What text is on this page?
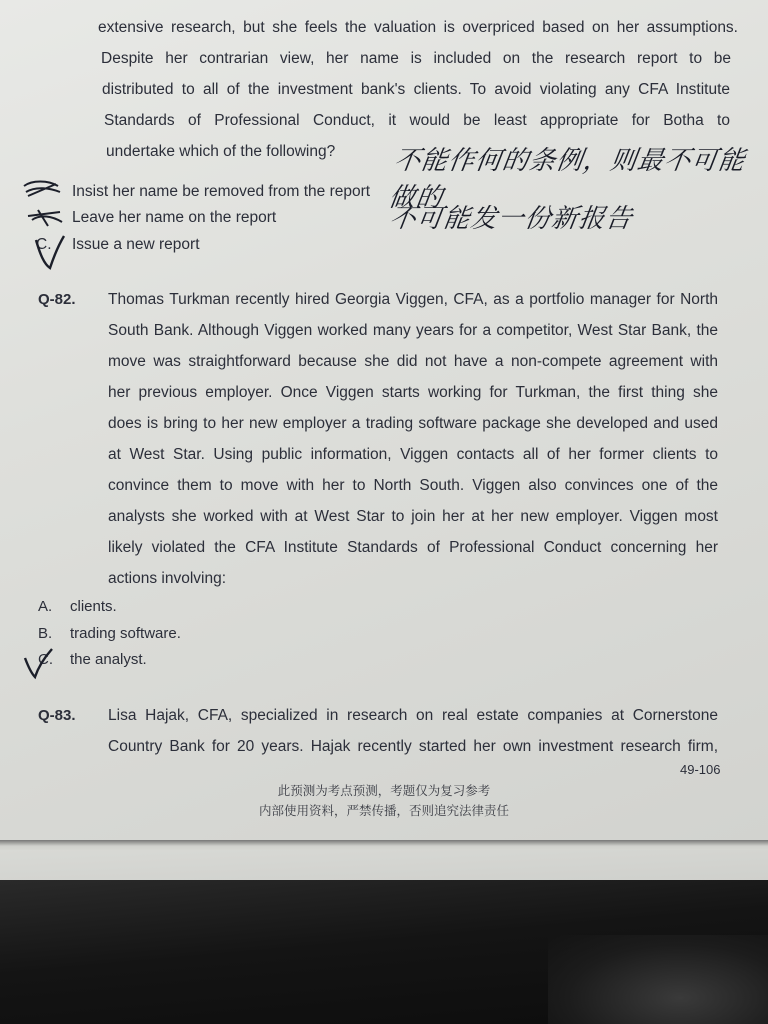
extensive research, but she feels the valuation is overpriced based on her assumptions.
Despite her contrarian view, her name is included on the research report to be
distributed to all of the investment bank's clients. To avoid violating any CFA Institute
Standards of Professional Conduct, it would be least appropriate for Botha to
undertake which of the following?
Insist her name be removed from the report
Leave her name on the report
C. Issue a new report
不能作何的条例，则最不可能做的
不可能发一份新报告
Q-82. Thomas Turkman recently hired Georgia Viggen, CFA, as a portfolio manager for North
South Bank. Although Viggen worked many years for a competitor, West Star Bank, the
move was straightforward because she did not have a non-compete agreement with
her previous employer. Once Viggen starts working for Turkman, the first thing she
does is bring to her new employer a trading software package she developed and used
at West Star. Using public information, Viggen contacts all of her former clients to
convince them to move with her to North South. Viggen also convinces one of the
analysts she worked with at West Star to join her at her new employer. Viggen most
likely violated the CFA Institute Standards of Professional Conduct concerning her
actions involving:
A. clients.
B. trading software.
C. the analyst.
Q-83. Lisa Hajak, CFA, specialized in research on real estate companies at Cornerstone
Country Bank for 20 years. Hajak recently started her own investment research firm,
49-106
此预测为考点预测，考题仅为复习参考
内部使用资料，严禁传播，否则追究法律责任
